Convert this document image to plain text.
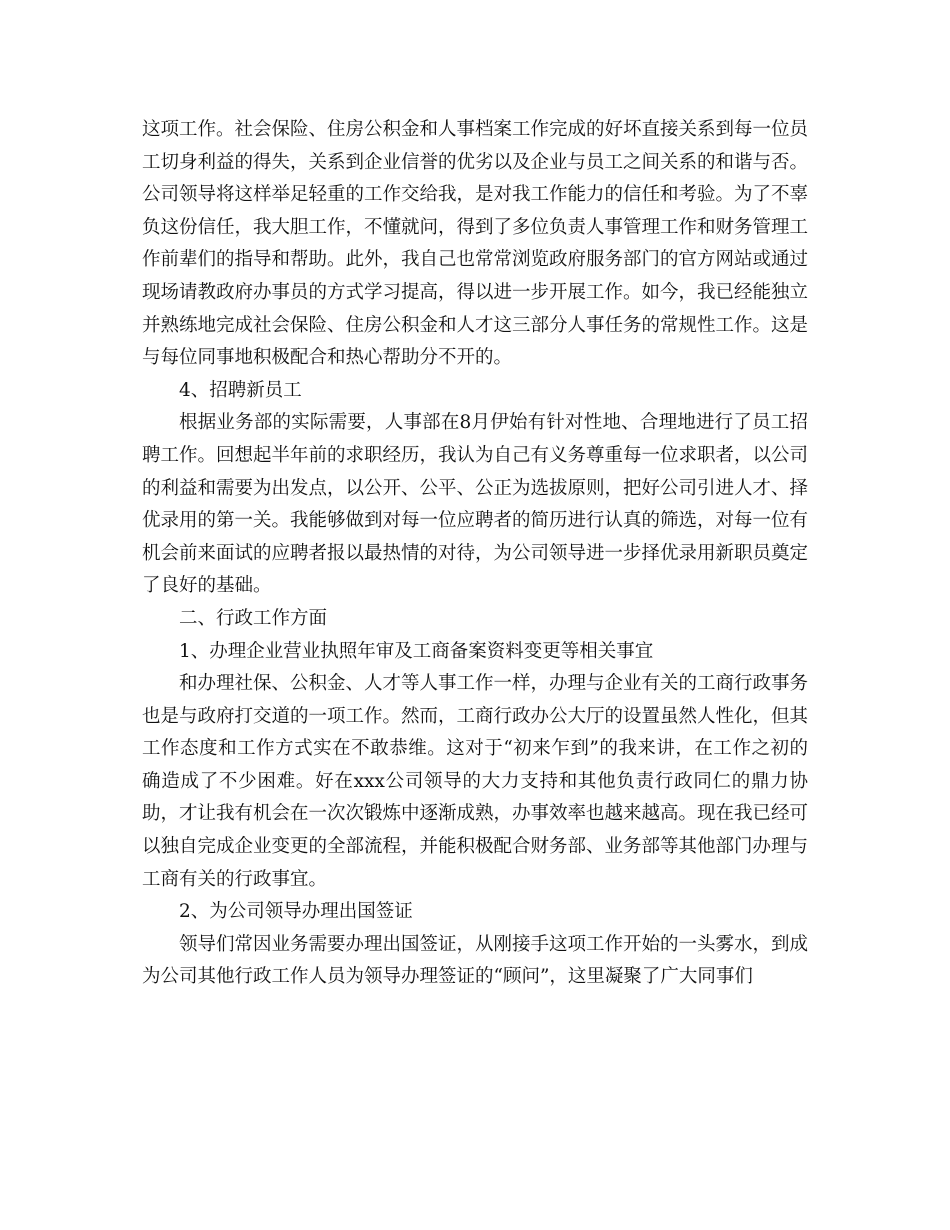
这项工作。社会保险、住房公积金和人事档案工作完成的好坏直接关系到每一位员工切身利益的得失，关系到企业信誉的优劣以及企业与员工之间关系的和谐与否。公司领导将这样举足轻重的工作交给我，是对我工作能力的信任和考验。为了不辜负这份信任，我大胆工作，不懂就问，得到了多位负责人事管理工作和财务管理工作前辈们的指导和帮助。此外，我自己也常常浏览政府服务部门的官方网站或通过现场请教政府办事员的方式学习提高，得以进一步开展工作。如今，我已经能独立并熟练地完成社会保险、住房公积金和人才这三部分人事任务的常规性工作。这是与每位同事地积极配合和热心帮助分不开的。

4、招聘新员工

根据业务部的实际需要，人事部在8月伊始有针对性地、合理地进行了员工招聘工作。回想起半年前的求职经历，我认为自己有义务尊重每一位求职者，以公司的利益和需要为出发点，以公开、公平、公正为选拔原则，把好公司引进人才、择优录用的第一关。我能够做到对每一位应聘者的简历进行认真的筛选，对每一位有机会前来面试的应聘者报以最热情的对待，为公司领导进一步择优录用新职员奠定了良好的基础。

二、行政工作方面

1、办理企业营业执照年审及工商备案资料变更等相关事宜

和办理社保、公积金、人才等人事工作一样，办理与企业有关的工商行政事务也是与政府打交道的一项工作。然而，工商行政办公大厅的设置虽然人性化，但其工作态度和工作方式实在不敢恭维。这对于“初来乍到”的我来讲，在工作之初的确造成了不少困难。好在xxx公司领导的大力支持和其他负责行政同仁的鼎力协助，才让我有机会在一次次锻炼中逐渐成熟，办事效率也越来越高。现在我已经可以独自完成企业变更的全部流程，并能积极配合财务部、业务部等其他部门办理与工商有关的行政事宜。

2、为公司领导办理出国签证

领导们常因业务需要办理出国签证，从刚接手这项工作开始的一头雾水，到成为公司其他行政工作人员为领导办理签证的“顾问”，这里凝聚了广大同事们
